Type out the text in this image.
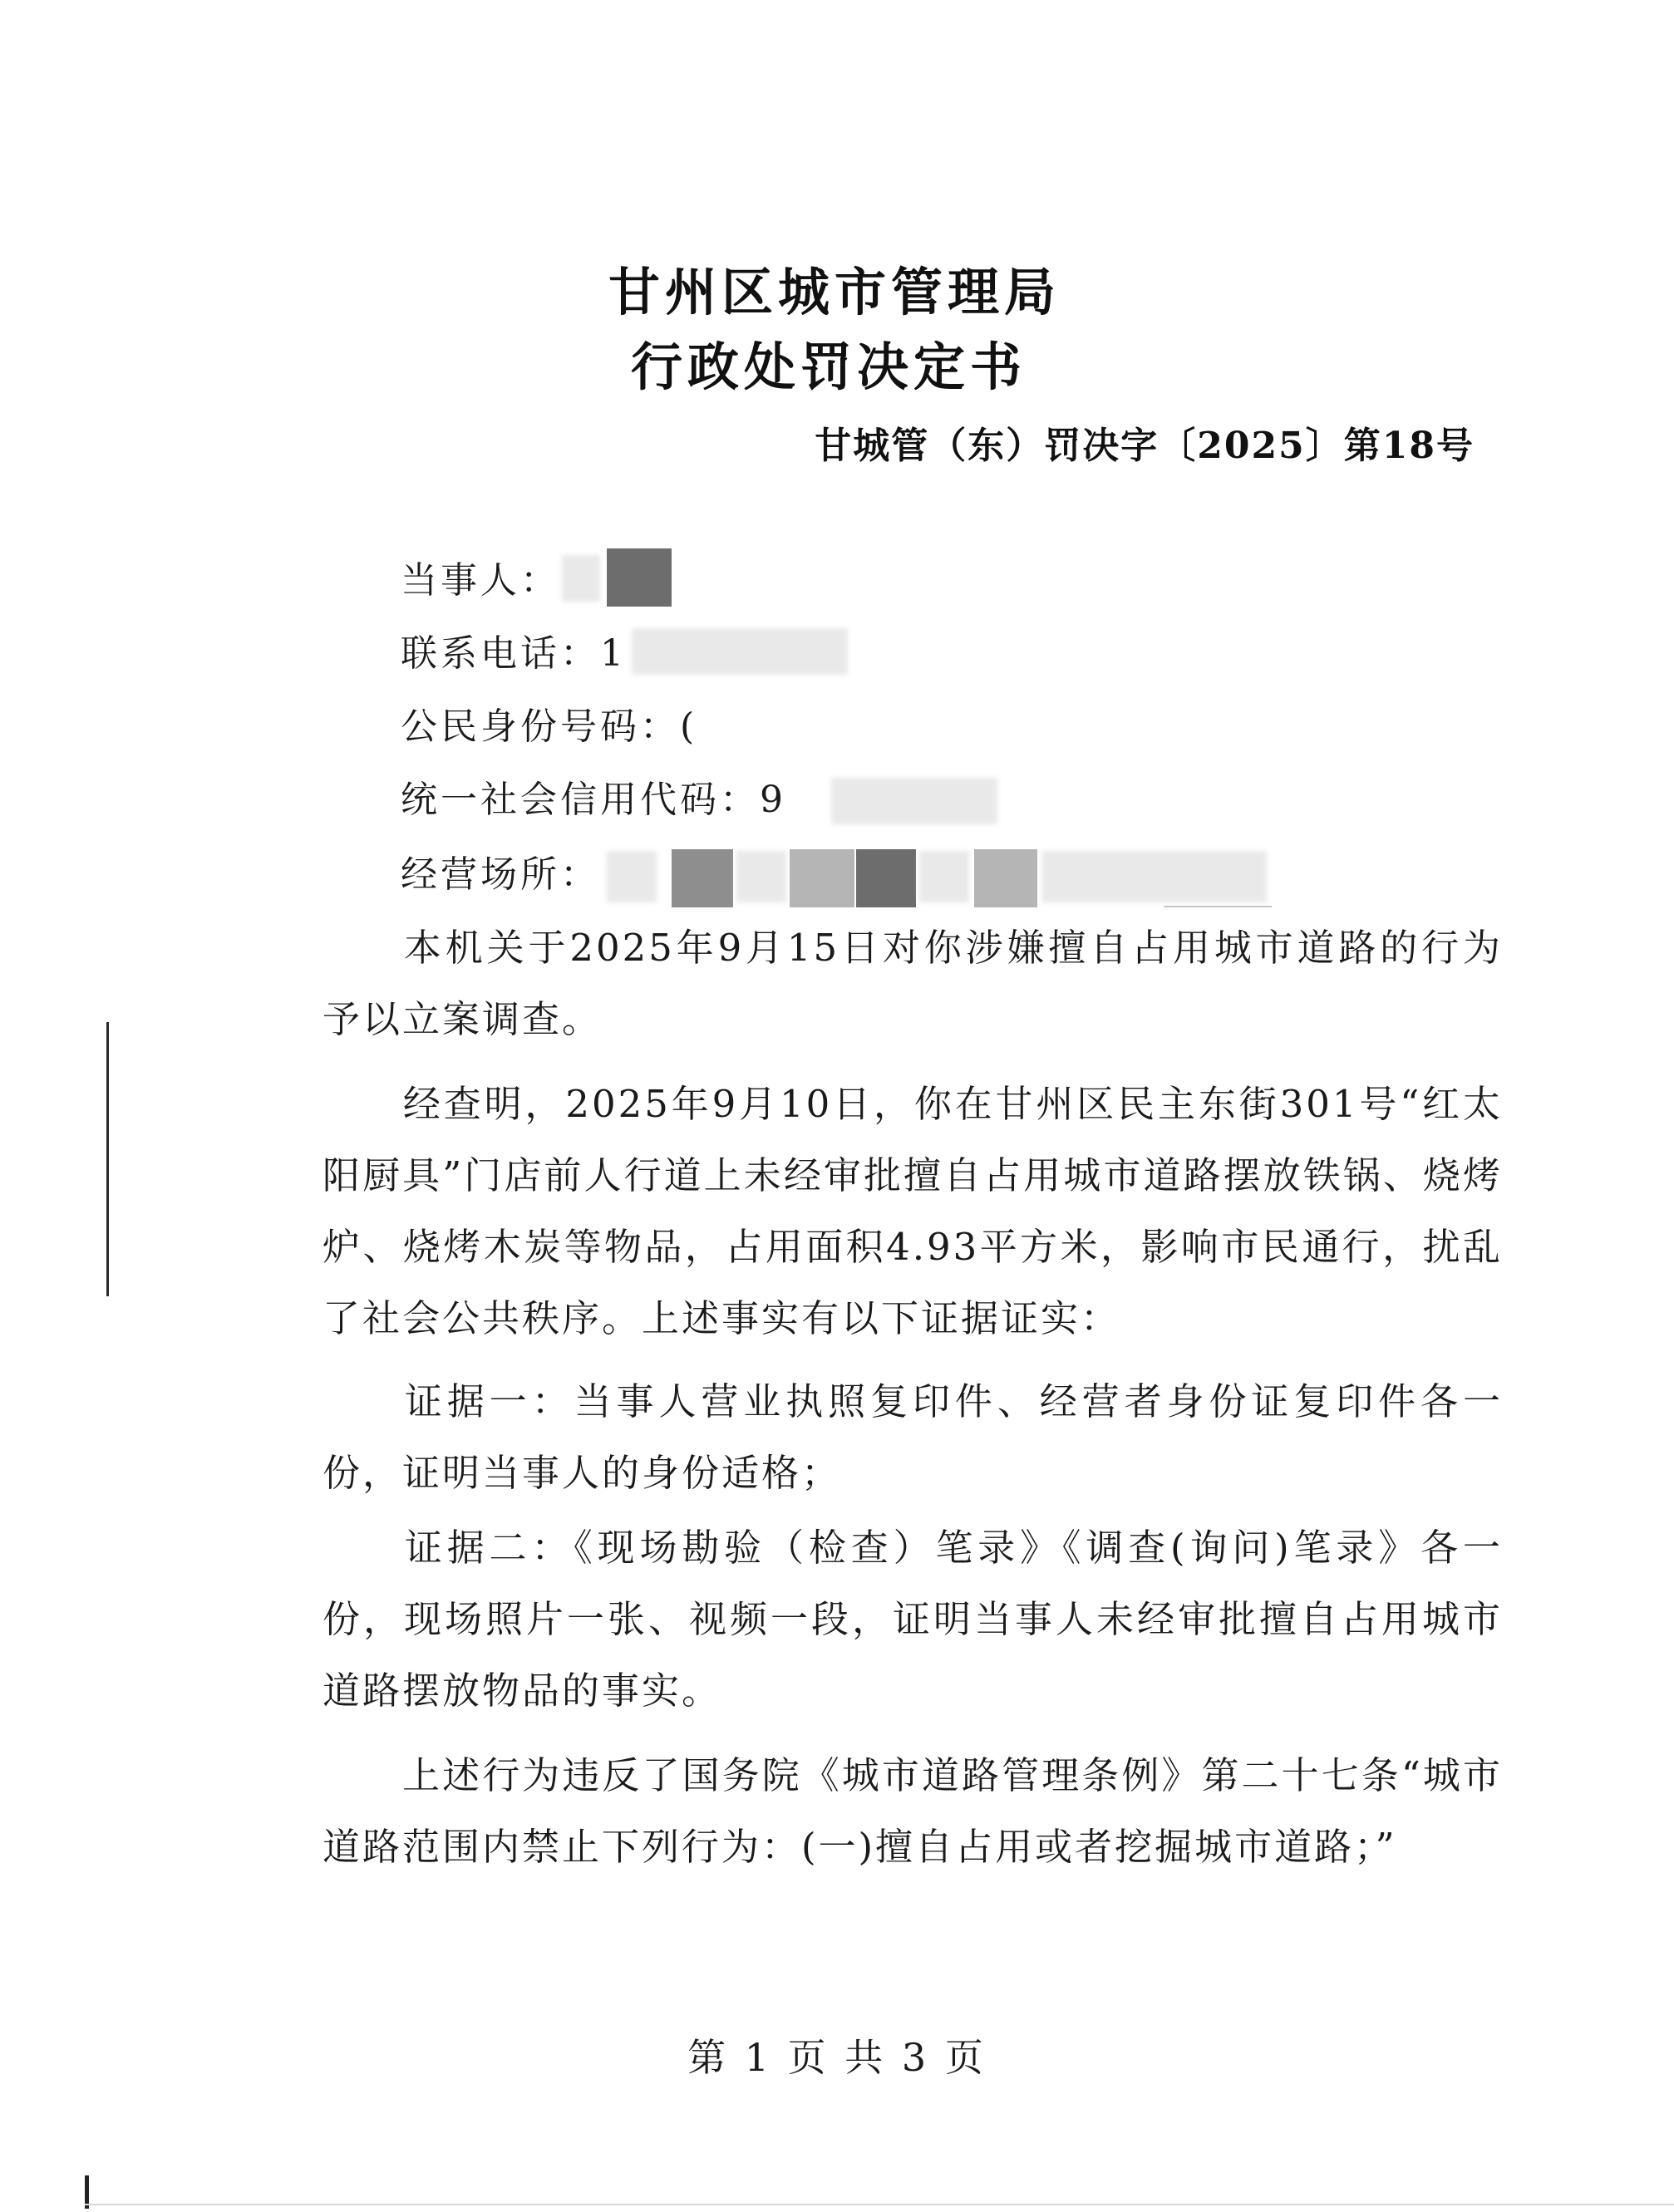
甘州区城市管理局
行政处罚决定书
甘城管（东）罚决字〔2025〕第18号
当事人：
联系电话：1
公民身份号码：(
统一社会信用代码：9
经营场所：
本机关于2025年9月15日对你涉嫌擅自占用城市道路的行为予以立案调查。
经查明，2025年9月10日，你在甘州区民主东街301号“红太阳厨具”门店前人行道上未经审批擅自占用城市道路摆放铁锅、烧烤炉、烧烤木炭等物品，占用面积4.93平方米，影响市民通行，扰乱了社会公共秩序。上述事实有以下证据证实：
证据一：当事人营业执照复印件、经营者身份证复印件各一份，证明当事人的身份适格；
证据二：《现场勘验（检查）笔录》《调查(询问)笔录》各一份，现场照片一张、视频一段，证明当事人未经审批擅自占用城市道路摆放物品的事实。
上述行为违反了国务院《城市道路管理条例》第二十七条“城市道路范围内禁止下列行为：(一)擅自占用或者挖掘城市道路；”
第 1 页 共 3 页
